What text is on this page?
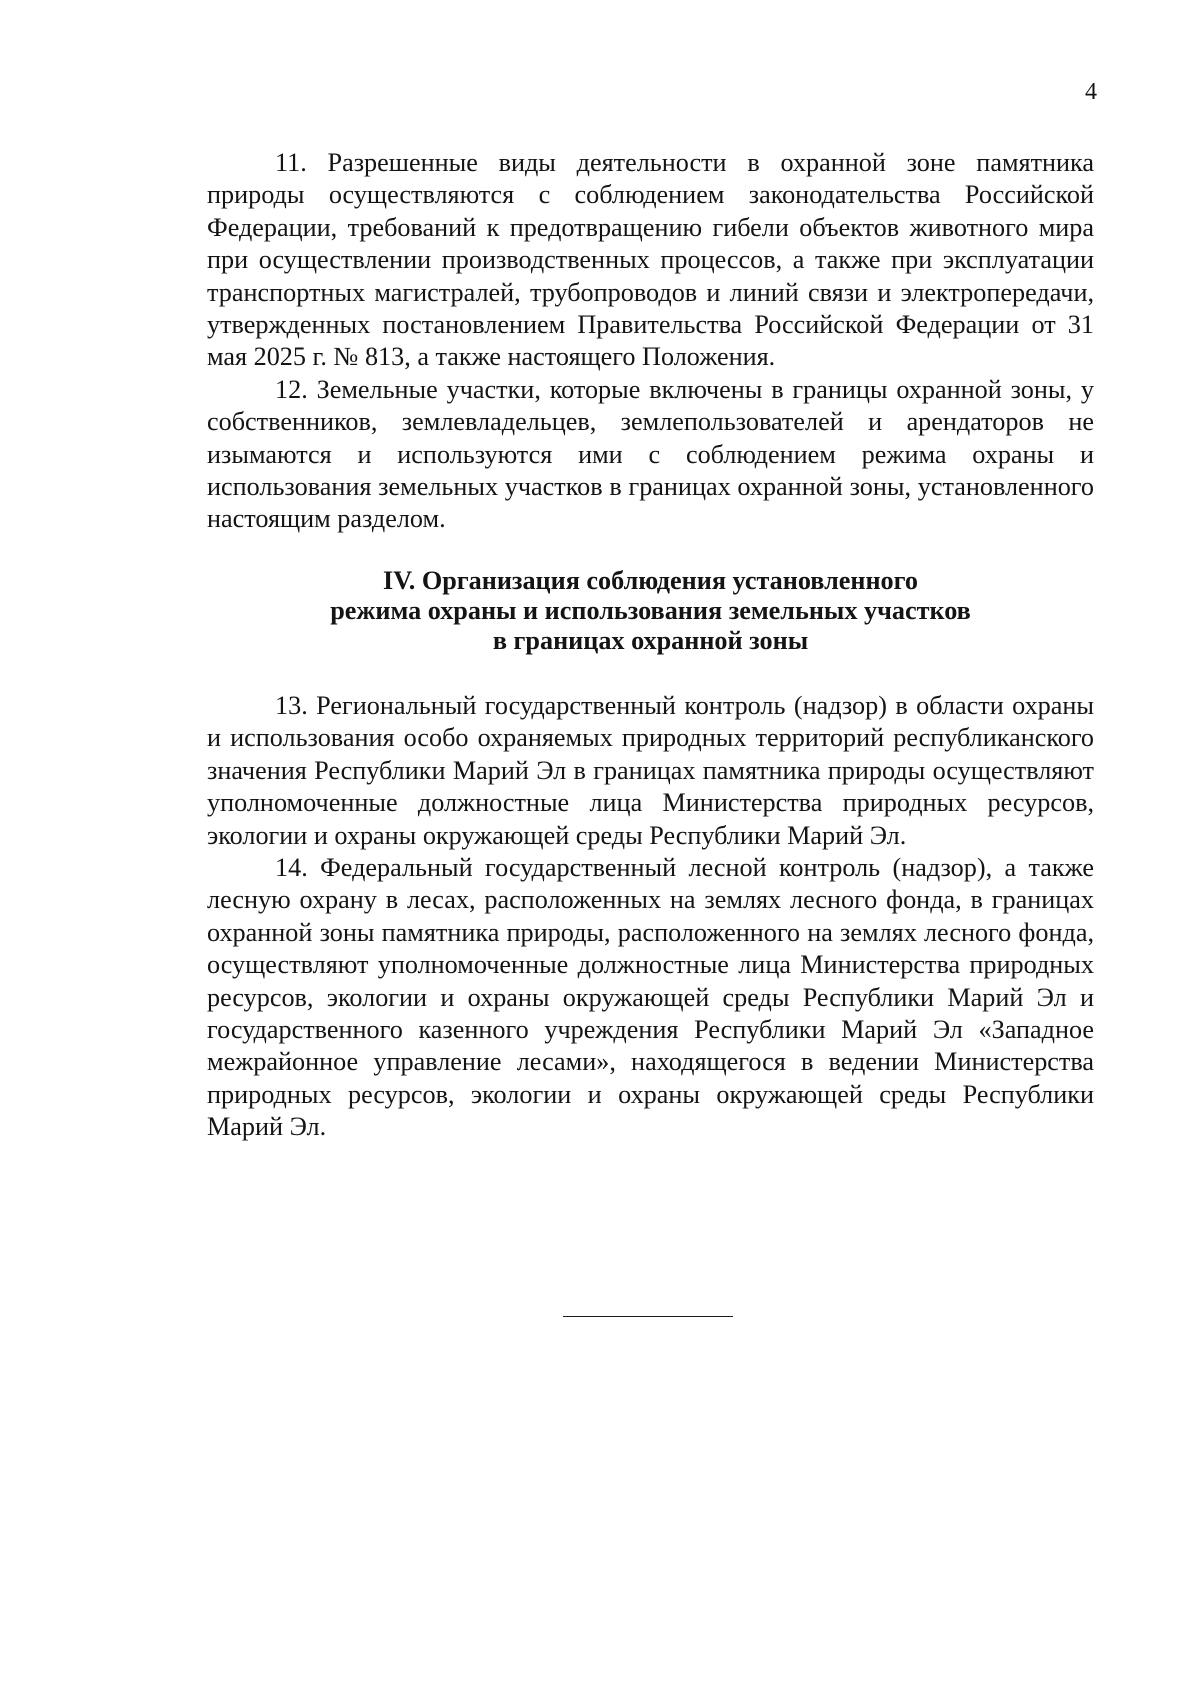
4

11. Разрешенные виды деятельности в охранной зоне памятника природы осуществляются с соблюдением законодательства Российской Федерации, требований к предотвращению гибели объектов животного мира при осуществлении производственных процессов, а также при эксплуатации транспортных магистралей, трубопроводов и линий связи и электропередачи, утвержденных постановлением Правительства Российской Федерации от 31 мая 2025 г. № 813, а также настоящего Положения.

12. Земельные участки, которые включены в границы охранной зоны, у собственников, землевладельцев, землепользователей и арендаторов не изымаются и используются ими с соблюдением режима охраны и использования земельных участков в границах охранной зоны, установленного настоящим разделом.

IV. Организация соблюдения установленного
режима охраны и использования земельных участков
в границах охранной зоны

13. Региональный государственный контроль (надзор) в области охраны и использования особо охраняемых природных территорий республиканского значения Республики Марий Эл в границах памятника природы осуществляют уполномоченные должностные лица Министерства природных ресурсов, экологии и охраны окружающей среды Республики Марий Эл.

14. Федеральный государственный лесной контроль (надзор), а также лесную охрану в лесах, расположенных на землях лесного фонда, в границах охранной зоны памятника природы, расположенного на землях лесного фонда, осуществляют уполномоченные должностные лица Министерства природных ресурсов, экологии и охраны окружающей среды Республики Марий Эл и государственного казенного учреждения Республики Марий Эл «Западное межрайонное управление лесами», находящегося в ведении Министерства природных ресурсов, экологии и охраны окружающей среды Республики Марий Эл.
